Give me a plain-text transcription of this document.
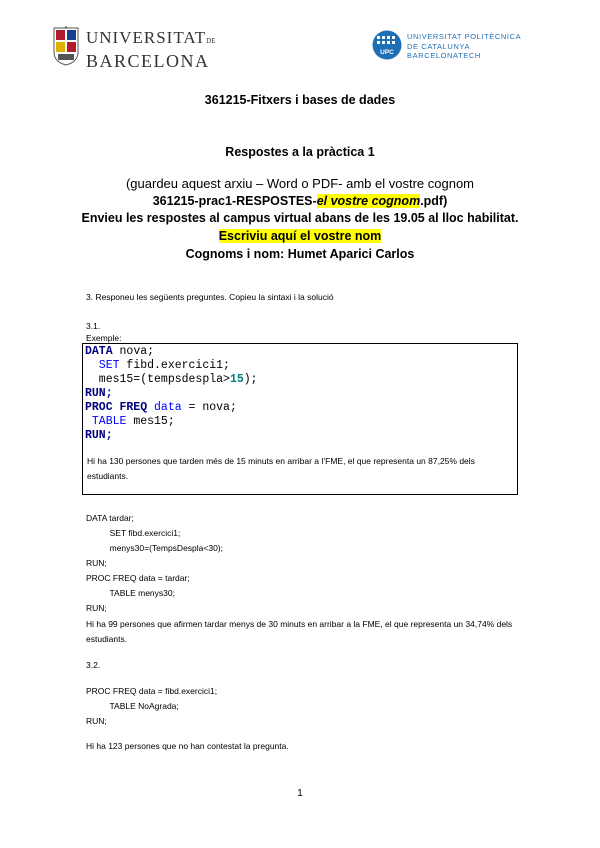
UNIVERSITATDE
BARCELONA	UPC
UNIVERSITAT POLITÈCNICA
DE CATALUNYA
BARCELONATECH
361215-Fitxers i bases de dades
Respostes a la pràctica 1
(guardeu aquest arxiu – Word o PDF- amb el vostre cognom
361215-prac1-RESPOSTES-el vostre cognom.pdf)
Envieu les respostes al campus virtual abans de les 19.05 al lloc habilitat.
Escriviu aquí el vostre nom
Cognoms i nom: Humet Aparici Carlos
3. Responeu les següents preguntes. Copieu la sintaxi i la solució
3.1.
Exemple:
DATA nova;
SET fibd.exercici1;
mes15=(tempsdespla>15);
RUN;
PROC FREQ data = nova;
TABLE mes15;
RUN;
Hi ha 130 persones que tarden més de 15 minuts en arribar a l’FME, el que representa un 87,25% dels estudiants.
DATA tardar;
SET fibd.exercici1;
menys30=(TempsDespla<30);
RUN;
PROC FREQ data = tardar;
TABLE menys30;
RUN;
Hi ha 99 persones que afirmen tardar menys de 30 minuts en arribar a la FME, el que representa un 34,74% dels estudiants.
3.2.
PROC FREQ data = fibd.exercici1;
TABLE NoAgrada;
RUN;
Hi ha 123 persones que no han contestat la pregunta.
1
